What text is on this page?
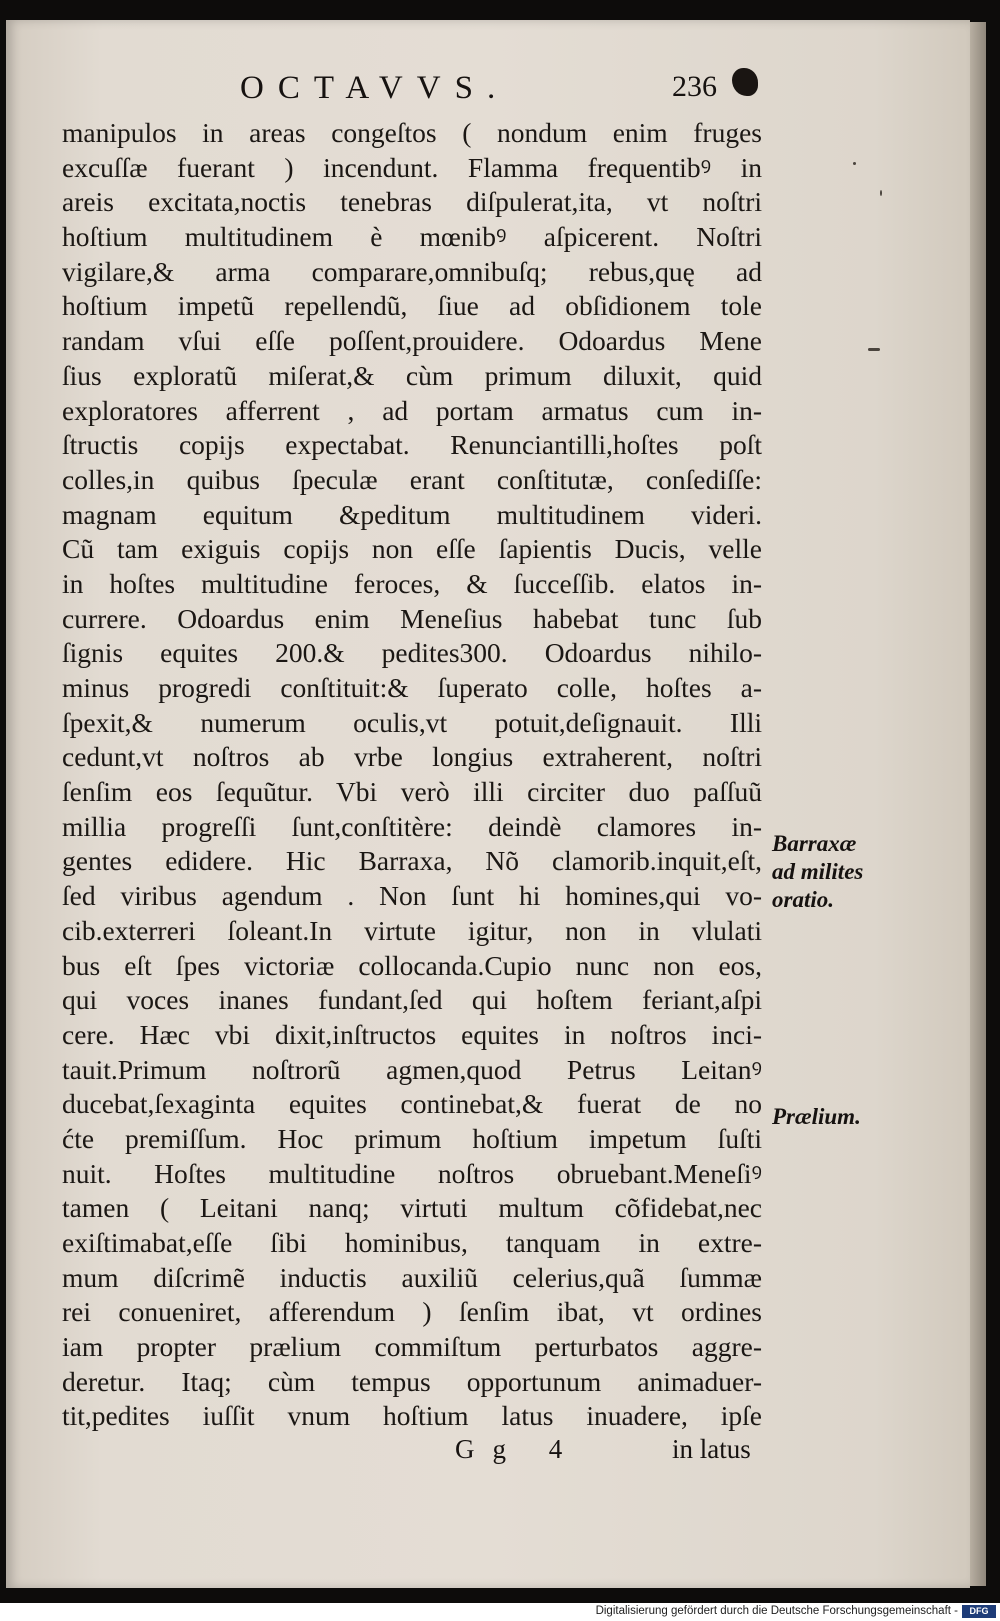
OCTAVVS.	236
manipulos in areas congeſtos ( nondum enim fruges
excuſſæ fuerant ) incendunt. Flamma frequentibꝰ in
areis excitata,noctis tenebras diſpulerat,ita, vt noſtri
hoſtium multitudinem è mœnibꝰ aſpicerent. Noſtri
vigilare,& arma comparare,omnibuſq; rebus,quę ad
hoſtium impetũ repellendũ, ſiue ad obſidionem tole
randam vſui eſſe poſſent,prouidere. Odoardus Mene
ſius exploratũ miſerat,& cùm primum diluxit, quid
exploratores afferrent , ad portam armatus cum in-
ſtructis copijs expectabat. Renunciantilli,hoſtes poſt
colles,in quibus ſpeculæ erant conſtitutæ, conſediſſe:
magnam equitum &peditum multitudinem videri.
Cũ tam exiguis copijs non eſſe ſapientis Ducis, velle
in hoſtes multitudine feroces, & ſucceſſib. elatos in-
currere. Odoardus enim Meneſius habebat tunc ſub
ſignis equites 200.& pedites300. Odoardus nihilo-
minus progredi conſtituit:& ſuperato colle, hoſtes a-
ſpexit,& numerum oculis,vt potuit,deſignauit. Illi
cedunt,vt noſtros ab vrbe longius extraherent, noſtri
ſenſim eos ſequũtur. Vbi verò illi circiter duo paſſuũ
millia progreſſi ſunt,conſtitère: deindè clamores in-
gentes edidere. Hic Barraxa, Nõ clamorib.inquit,eſt,
ſed viribus agendum . Non ſunt hi homines,qui vo-
cib.exterreri ſoleant.In virtute igitur, non in vlulati
bus eſt ſpes victoriæ collocanda.Cupio nunc non eos,
qui voces inanes fundant,ſed qui hoſtem feriant,aſpi
cere. Hæc vbi dixit,inſtructos equites in noſtros inci-
tauit.Primum noſtrorũ agmen,quod Petrus Leitanꝰ
ducebat,ſexaginta equites continebat,& fuerat de no
ćte premiſſum. Hoc primum hoſtium impetum ſuſti
nuit. Hoſtes multitudine noſtros obruebant.Meneſiꝰ
tamen ( Leitani nanq; virtuti multum cõfidebat,nec
exiſtimabat,eſſe ſibi hominibus, tanquam in extre-
mum diſcrimẽ inductis auxiliũ celerius,quã ſummæ
rei conueniret, afferendum ) ſenſim ibat, vt ordines
iam propter prælium commiſtum perturbatos aggre-
deretur. Itaq; cùm tempus opportunum animaduer-
tit,pedites iuſſit vnum hoſtium latus inuadere, ipſe
Barraxæ
ad milites
oratio.
Prælium.
Gg 4	in latus
Digitalisierung gefördert durch die Deutsche Forschungsgemeinschaft -	DFG
